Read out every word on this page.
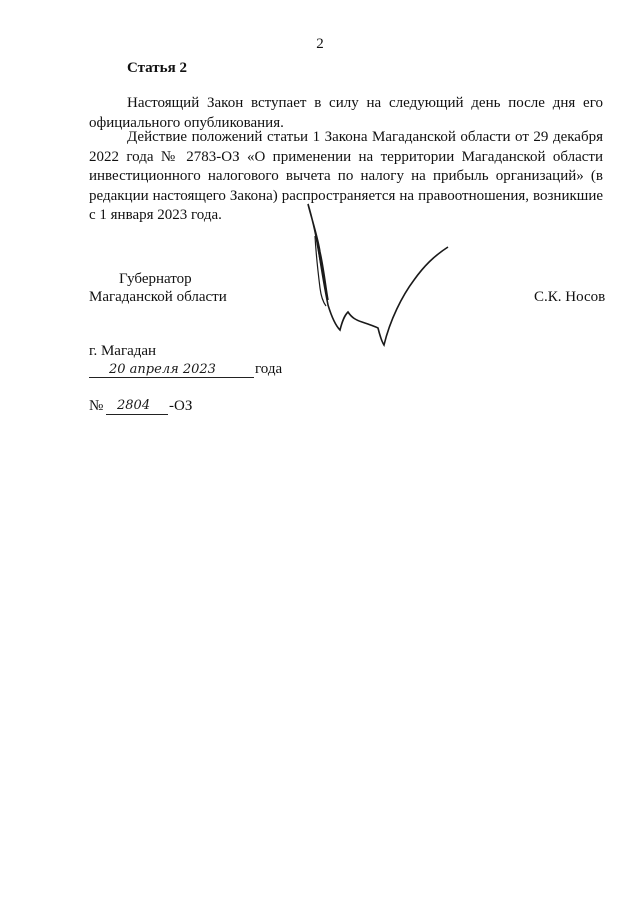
2
Статья 2
Настоящий Закон вступает в силу на следующий день после дня его официального опубликования.
Действие положений статьи 1 Закона Магаданской области от 29 декабря 2022 года № 2783-ОЗ «О применении на территории Магаданской области инвестиционного налогового вычета по налогу на прибыль организаций» (в редакции настоящего Закона) распространяется на правоотношения, возникшие с 1 января 2023 года.
Губернатор
Магаданской области	С.К. Носов
г. Магадан
20 апреля 2023	года
№ 2804 -ОЗ
